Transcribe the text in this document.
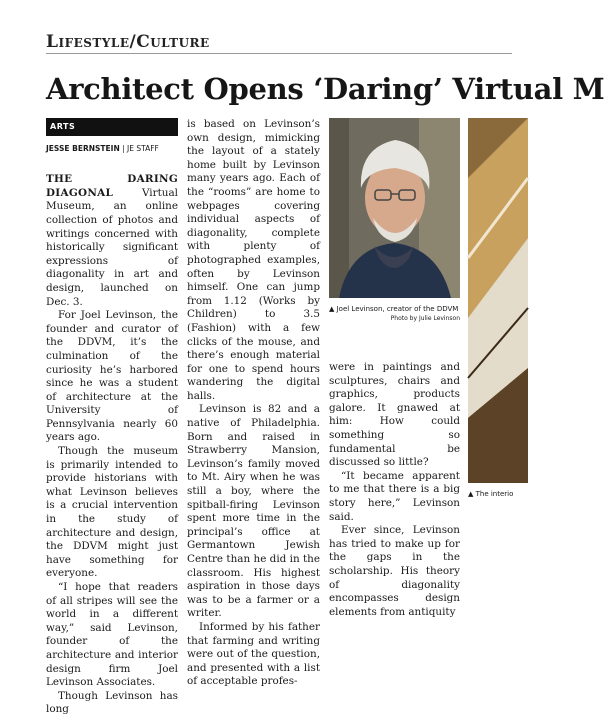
Lifestyle/Culture
Architect Opens ‘Daring’ Virtual M
ARTS
JESSE BERNSTEIN | JE STAFF

THE DARING DIAGONAL Virtual Museum, an online collection of photos and writings concerned with historically significant expressions of diagonality in art and design, launched on Dec. 3.

For Joel Levinson, the founder and curator of the DDVM, it’s the culmination of the curiosity he’s harbored since he was a student of architecture at the University of Pennsylvania nearly 60 years ago.

Though the museum is primarily intended to provide historians with what Levinson believes is a crucial intervention in the study of architecture and design, the DDVM might just have something for everyone.

“I hope that readers of all stripes will see the world in a different way,” said Levinson, founder of the architecture and interior design firm Joel Levinson Associates.

Though Levinson has long

is based on Levinson’s own design, mimicking the layout of a stately home built by Levinson many years ago. Each of the “rooms” are home to webpages covering individual aspects of diagonality, complete with plenty of photographed examples, often by Levinson himself. One can jump from 1.12 (Works by Children) to 3.5 (Fashion) with a few clicks of the mouse, and there’s enough material for one to spend hours wandering the digital halls.

Levinson is 82 and a native of Philadelphia. Born and raised in Strawberry Mansion, Levinson’s family moved to Mt. Airy when he was still a boy, where the spitball-firing Levinson spent more time in the principal’s office at Germantown Jewish Centre than he did in the classroom. His highest aspiration in those days was to be a farmer or a writer.

Informed by his father that farming and writing were out of the question, and presented with a list of acceptable profes-

▲ Joel Levinson, creator of the DDVM
Photo by Julie Levinson

were in paintings and sculptures, chairs and graphics, products galore. It gnawed at him: How could something so fundamental be discussed so little?

“It became apparent to me that there is a big story here,” Levinson said.

Ever since, Levinson has tried to make up for the gaps in the scholarship. His theory of diagonality encompasses design elements from antiquity

▲ The interio
